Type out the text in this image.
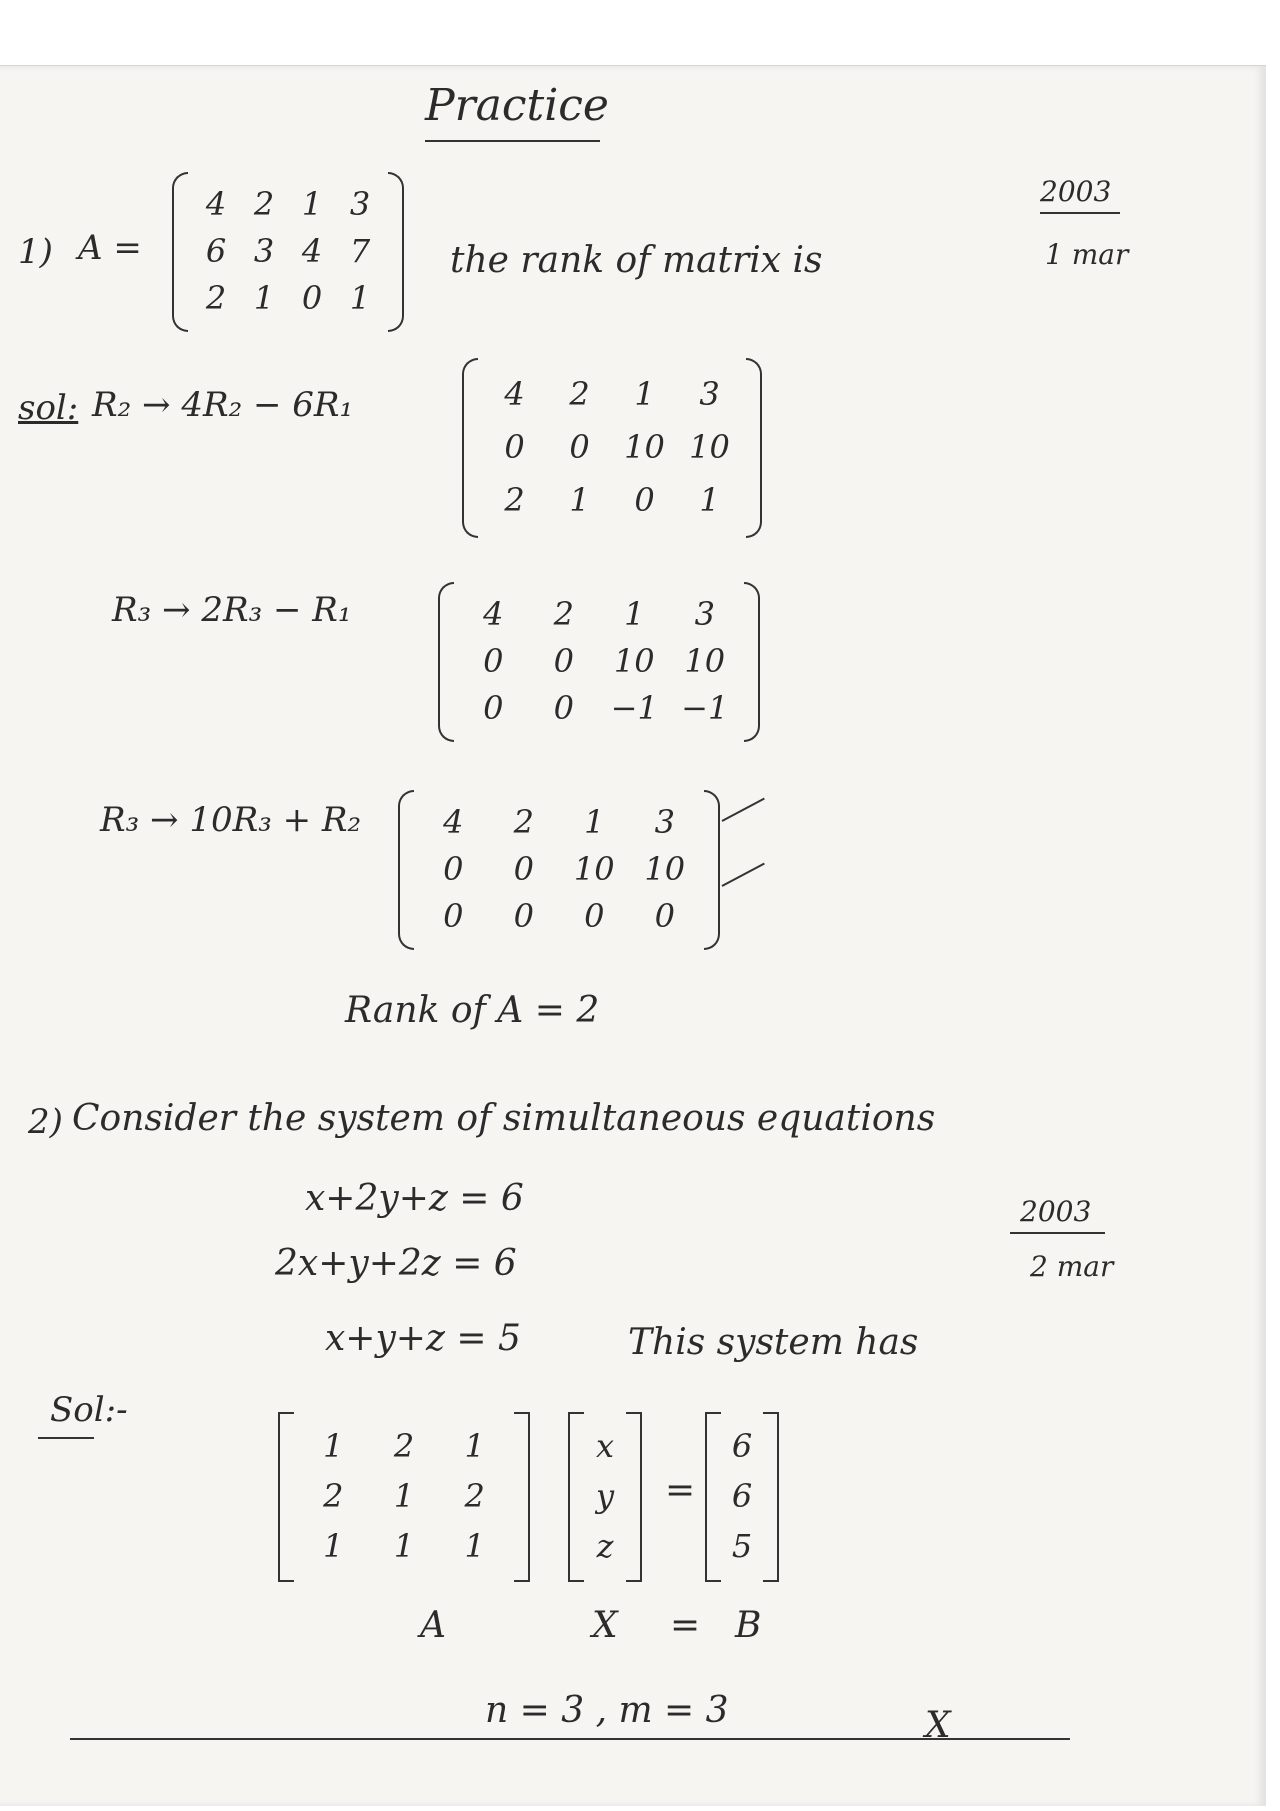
Practice
1) A =
4 2 1 3
6 3 4 7
2 1 0 1
the rank of matrix is
2003
1 mar
sol: R₂ → 4R₂ − 6R₁	4	2	1	3
0	0	10 10
2	1	0	1
R₃ → 2R₃ − R₁	4	2	1	3
0	0	10 10
0	0	−1 −1
R₃ → 10R₃ + R₂	4	2	1	3
0	0	10 10
0	0	0	0
Rank of A = 2
2) Consider the system of simultaneous equations
x+2y+z = 6
2x+y+2z = 6
x+y+z = 5
2003
2 mar
This system has
Sol:-
1	2	1
2	1	2
1	1	1
x
y
z
=
6
6
5
A	X = B
n = 3 , m = 3	X
